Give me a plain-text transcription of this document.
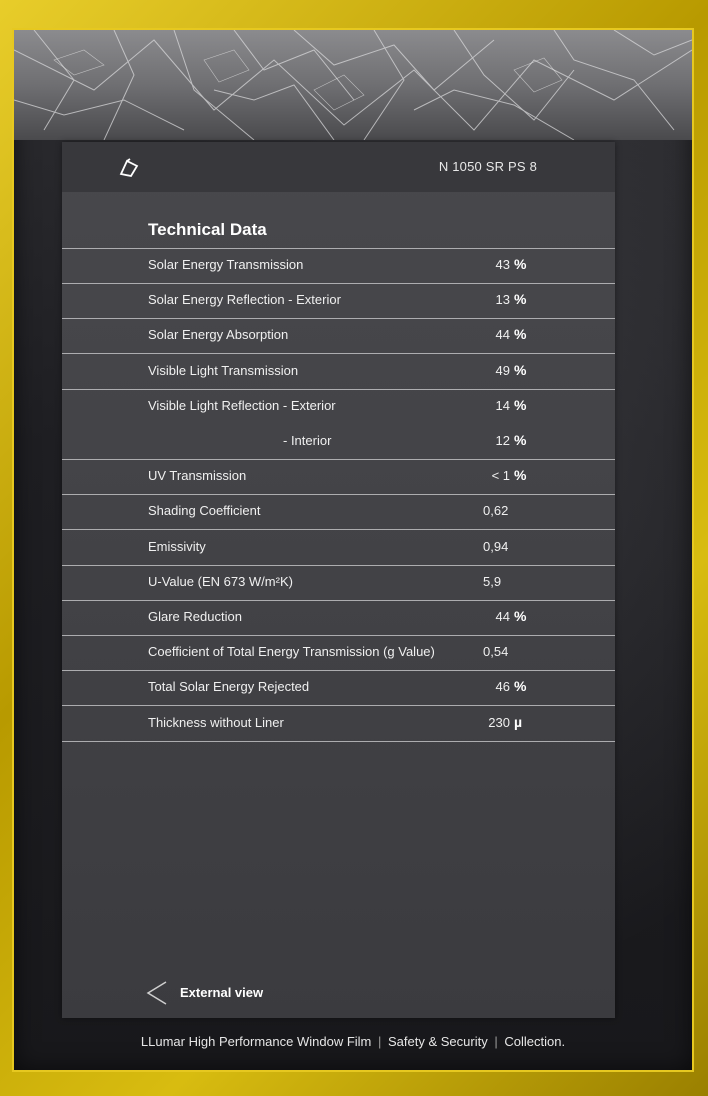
N 1050 SR PS 8
Technical Data
Solar Energy Transmission	43 %
Solar Energy Reflection - Exterior	13 %
Solar Energy Absorption	44 %
Visible Light Transmission	49 %
Visible Light Reflection - Exterior	14 %
- Interior	12 %
UV Transmission	< 1 %
Shading Coefficient	0,62
Emissivity	0,94
U-Value (EN 673 W/m²K)	5,9
Glare Reduction	44 %
Coefficient of Total Energy Transmission (g Value)	0,54
Total Solar Energy Rejected	46 %
Thickness without Liner	230 µ
External view
LLumar High Performance Window Film | Safety & Security | Collection.
